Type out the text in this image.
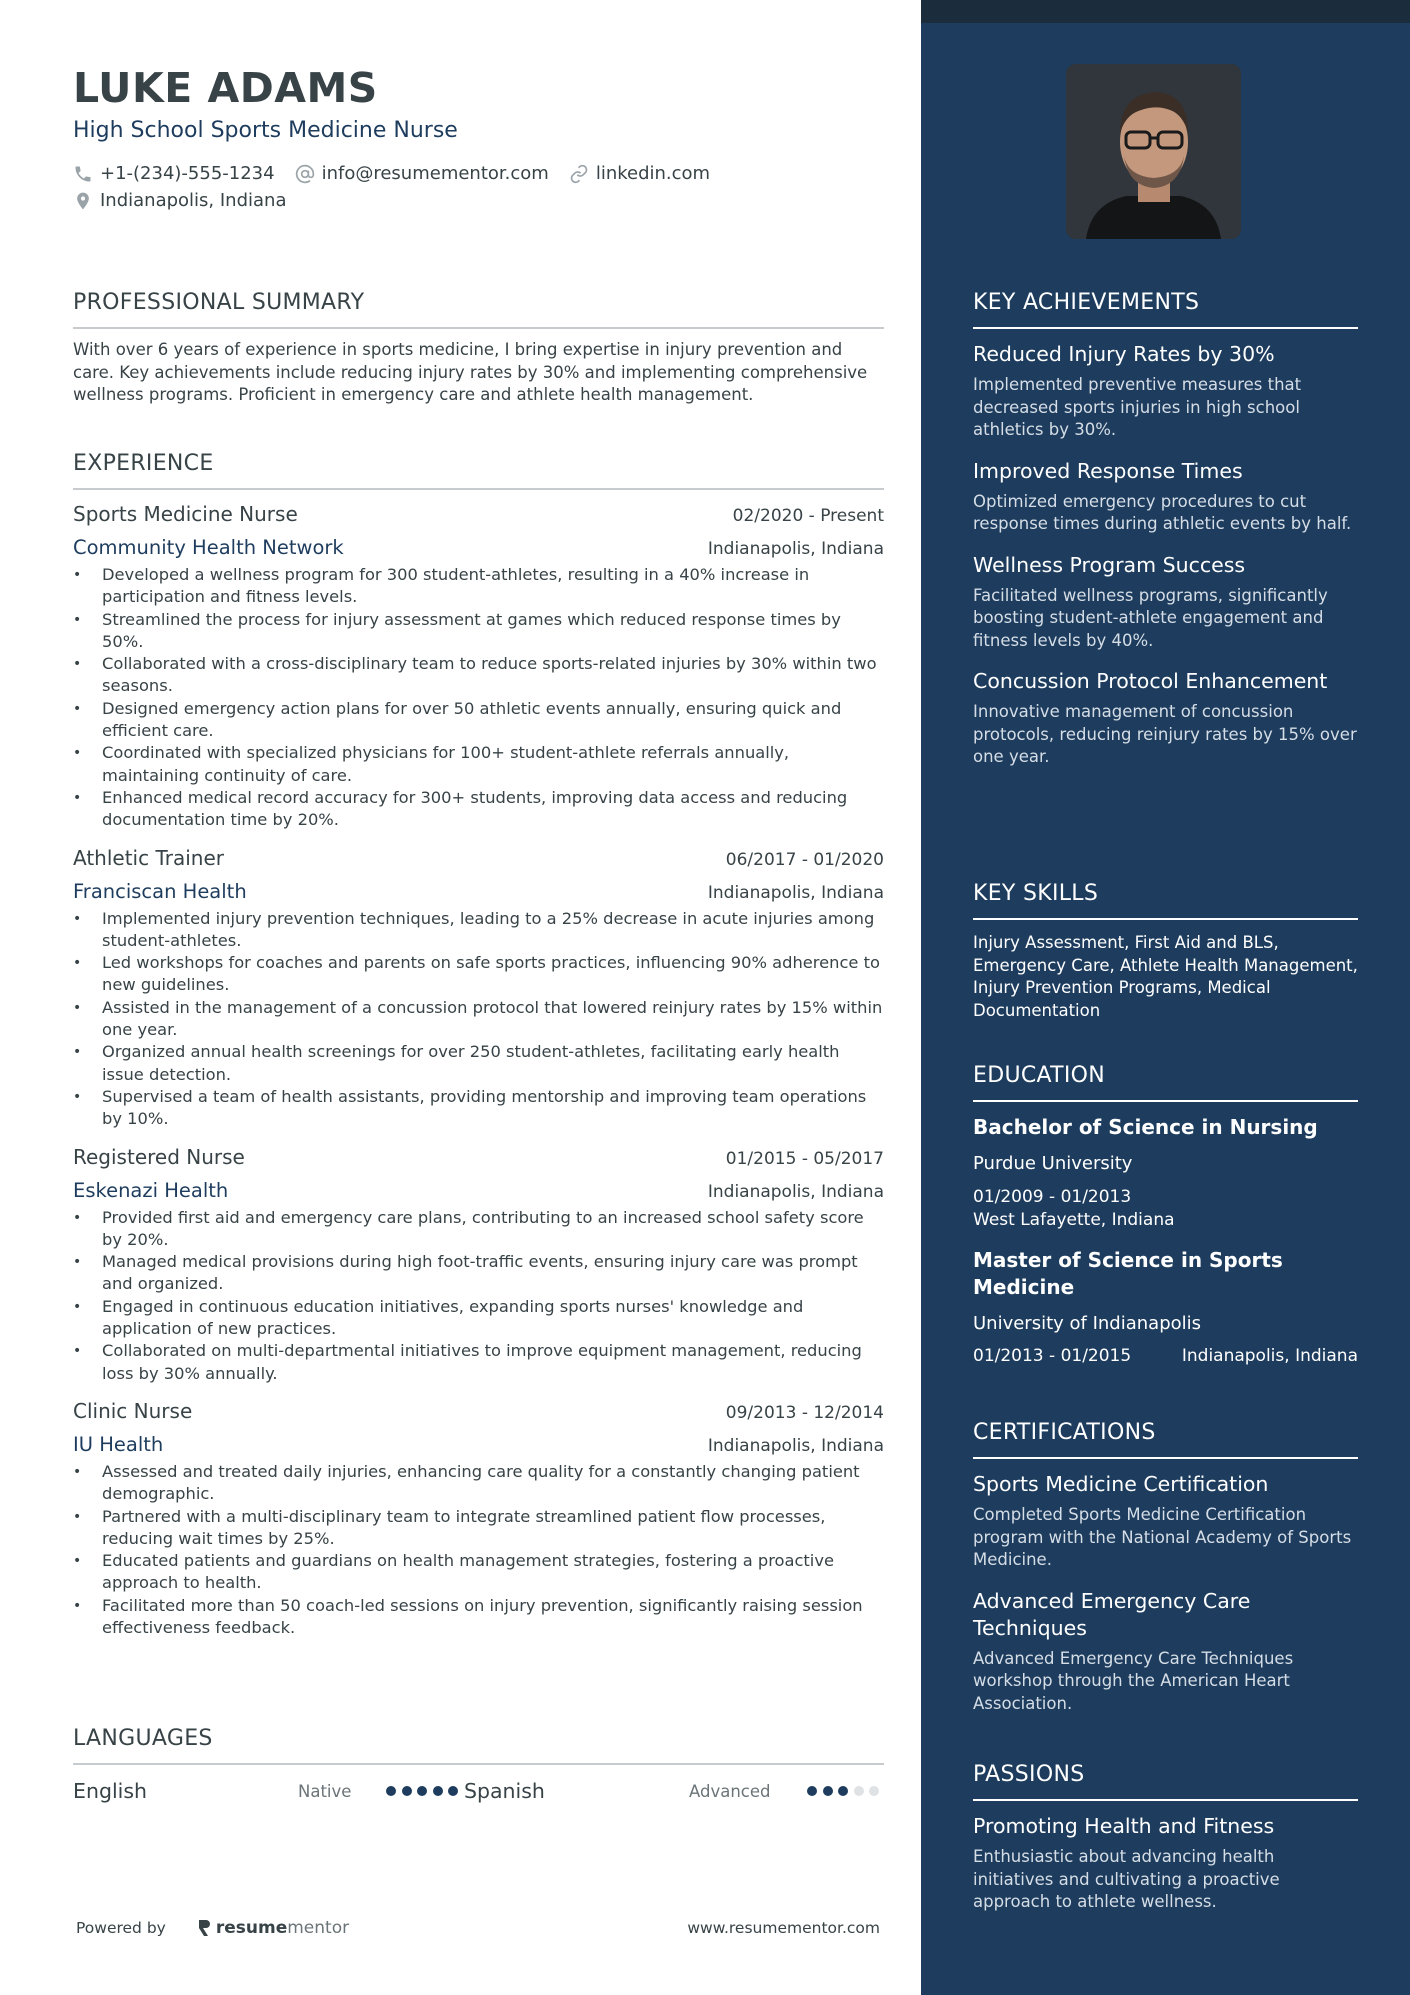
LUKE ADAMS
High School Sports Medicine Nurse
+1-(234)-555-1234	info@resumementor.com	linkedin.com
Indianapolis, Indiana
PROFESSIONAL SUMMARY
With over 6 years of experience in sports medicine, I bring expertise in injury prevention and care. Key achievements include reducing injury rates by 30% and implementing comprehensive wellness programs. Proficient in emergency care and athlete health management.
EXPERIENCE
Sports Medicine Nurse	02/2020 - Present
Community Health Network	Indianapolis, Indiana
• Developed a wellness program for 300 student-athletes, resulting in a 40% increase in participation and fitness levels.
• Streamlined the process for injury assessment at games which reduced response times by 50%.
• Collaborated with a cross-disciplinary team to reduce sports-related injuries by 30% within two seasons.
• Designed emergency action plans for over 50 athletic events annually, ensuring quick and efficient care.
• Coordinated with specialized physicians for 100+ student-athlete referrals annually, maintaining continuity of care.
• Enhanced medical record accuracy for 300+ students, improving data access and reducing documentation time by 20%.
Athletic Trainer	06/2017 - 01/2020
Franciscan Health	Indianapolis, Indiana
• Implemented injury prevention techniques, leading to a 25% decrease in acute injuries among student-athletes.
• Led workshops for coaches and parents on safe sports practices, influencing 90% adherence to new guidelines.
• Assisted in the management of a concussion protocol that lowered reinjury rates by 15% within one year.
• Organized annual health screenings for over 250 student-athletes, facilitating early health issue detection.
• Supervised a team of health assistants, providing mentorship and improving team operations by 10%.
Registered Nurse	01/2015 - 05/2017
Eskenazi Health	Indianapolis, Indiana
• Provided first aid and emergency care plans, contributing to an increased school safety score by 20%.
• Managed medical provisions during high foot-traffic events, ensuring injury care was prompt and organized.
• Engaged in continuous education initiatives, expanding sports nurses' knowledge and application of new practices.
• Collaborated on multi-departmental initiatives to improve equipment management, reducing loss by 30% annually.
Clinic Nurse	09/2013 - 12/2014
IU Health	Indianapolis, Indiana
• Assessed and treated daily injuries, enhancing care quality for a constantly changing patient demographic.
• Partnered with a multi-disciplinary team to integrate streamlined patient flow processes, reducing wait times by 25%.
• Educated patients and guardians on health management strategies, fostering a proactive approach to health.
• Facilitated more than 50 coach-led sessions on injury prevention, significantly raising session effectiveness feedback.
LANGUAGES
English	Native	Spanish	Advanced
Powered by	resume mentor	www.resumementor.com
KEY ACHIEVEMENTS
Reduced Injury Rates by 30%
Implemented preventive measures that decreased sports injuries in high school athletics by 30%.
Improved Response Times
Optimized emergency procedures to cut response times during athletic events by half.
Wellness Program Success
Facilitated wellness programs, significantly boosting student-athlete engagement and fitness levels by 40%.
Concussion Protocol Enhancement
Innovative management of concussion protocols, reducing reinjury rates by 15% over one year.
KEY SKILLS
Injury Assessment, First Aid and BLS, Emergency Care, Athlete Health Management, Injury Prevention Programs, Medical Documentation
EDUCATION
Bachelor of Science in Nursing
Purdue University
01/2009 - 01/2013
West Lafayette, Indiana
Master of Science in Sports Medicine
University of Indianapolis
01/2013 - 01/2015	Indianapolis, Indiana
CERTIFICATIONS
Sports Medicine Certification
Completed Sports Medicine Certification program with the National Academy of Sports Medicine.
Advanced Emergency Care Techniques
Advanced Emergency Care Techniques workshop through the American Heart Association.
PASSIONS
Promoting Health and Fitness
Enthusiastic about advancing health initiatives and cultivating a proactive approach to athlete wellness.
